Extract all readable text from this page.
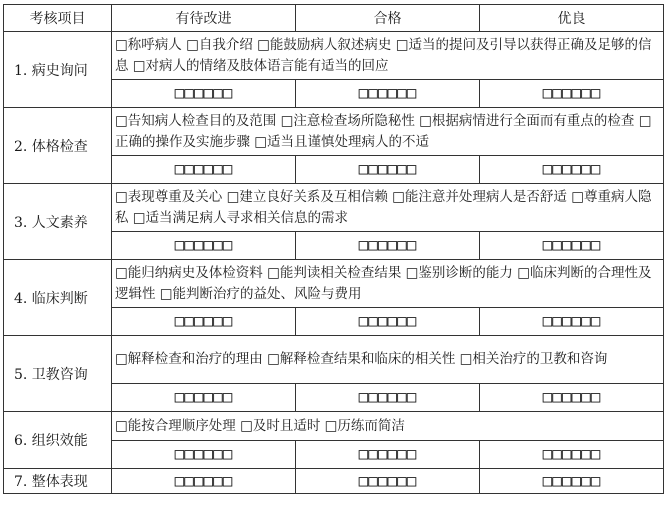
考核项目	有待改进	合格	优良
1. 病史询问	□称呼病人 □自我介绍 □能鼓励病人叙述病史 □适当的提问及引导以获得正确及足够的信息 □对病人的情绪及肢体语言能有适当的回应		
	□□□□□□	□□□□□□	□□□□□□
2. 体格检查	□告知病人检查目的及范围 □注意检查场所隐秘性 □根据病情进行全面而有重点的检查 □正确的操作及实施步骤 □适当且谨慎处理病人的不适		
	□□□□□□	□□□□□□	□□□□□□
3. 人文素养	□表现尊重及关心 □建立良好关系及互相信赖 □能注意并处理病人是否舒适 □尊重病人隐私 □适当满足病人寻求相关信息的需求		
	□□□□□□	□□□□□□	□□□□□□
4. 临床判断	□能归纳病史及体检资料 □能判读相关检查结果 □鉴别诊断的能力 □临床判断的合理性及逻辑性 □能判断治疗的益处、风险与费用		
	□□□□□□	□□□□□□	□□□□□□
5. 卫教咨询	□解释检查和治疗的理由 □解释检查结果和临床的相关性 □相关治疗的卫教和咨询		
	□□□□□□	□□□□□□	□□□□□□
6. 组织效能	□能按合理顺序处理 □及时且适时 □历练而简洁		
	□□□□□□	□□□□□□	□□□□□□
7. 整体表现	□□□□□□	□□□□□□	□□□□□□
